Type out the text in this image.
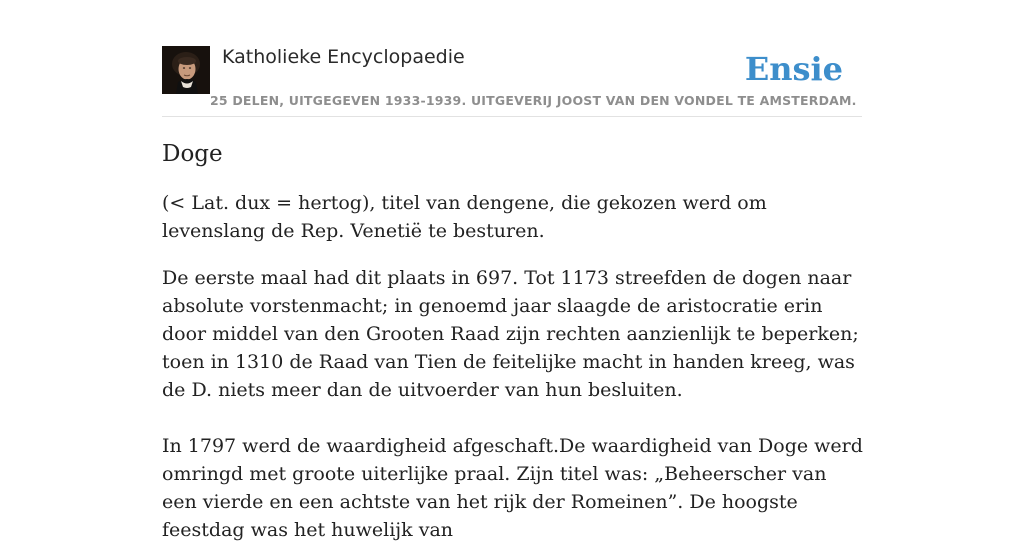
Katholieke Encyclopaedie
25 DELEN, UITGEGEVEN 1933-1939. UITGEVERIJ JOOST VAN DEN VONDEL TE AMSTERDAM.
Ensie
Doge

(< Lat. dux = hertog), titel van dengene, die gekozen werd om levenslang de Rep. Venetië te besturen.

De eerste maal had dit plaats in 697. Tot 1173 streefden de dogen naar absolute vorstenmacht; in genoemd jaar slaagde de aristocratie erin door middel van den Grooten Raad zijn rechten aanzienlijk te beperken; toen in 1310 de Raad van Tien de feitelijke macht in handen kreeg, was de D. niets meer dan de uitvoerder van hun besluiten.

In 1797 werd de waardigheid afgeschaft.De waardigheid van Doge werd omringd met groote uiterlijke praal. Zijn titel was: „Beheerscher van een vierde en een achtste van het rijk der Romeinen”. De hoogste feestdag was het huwelijk van
